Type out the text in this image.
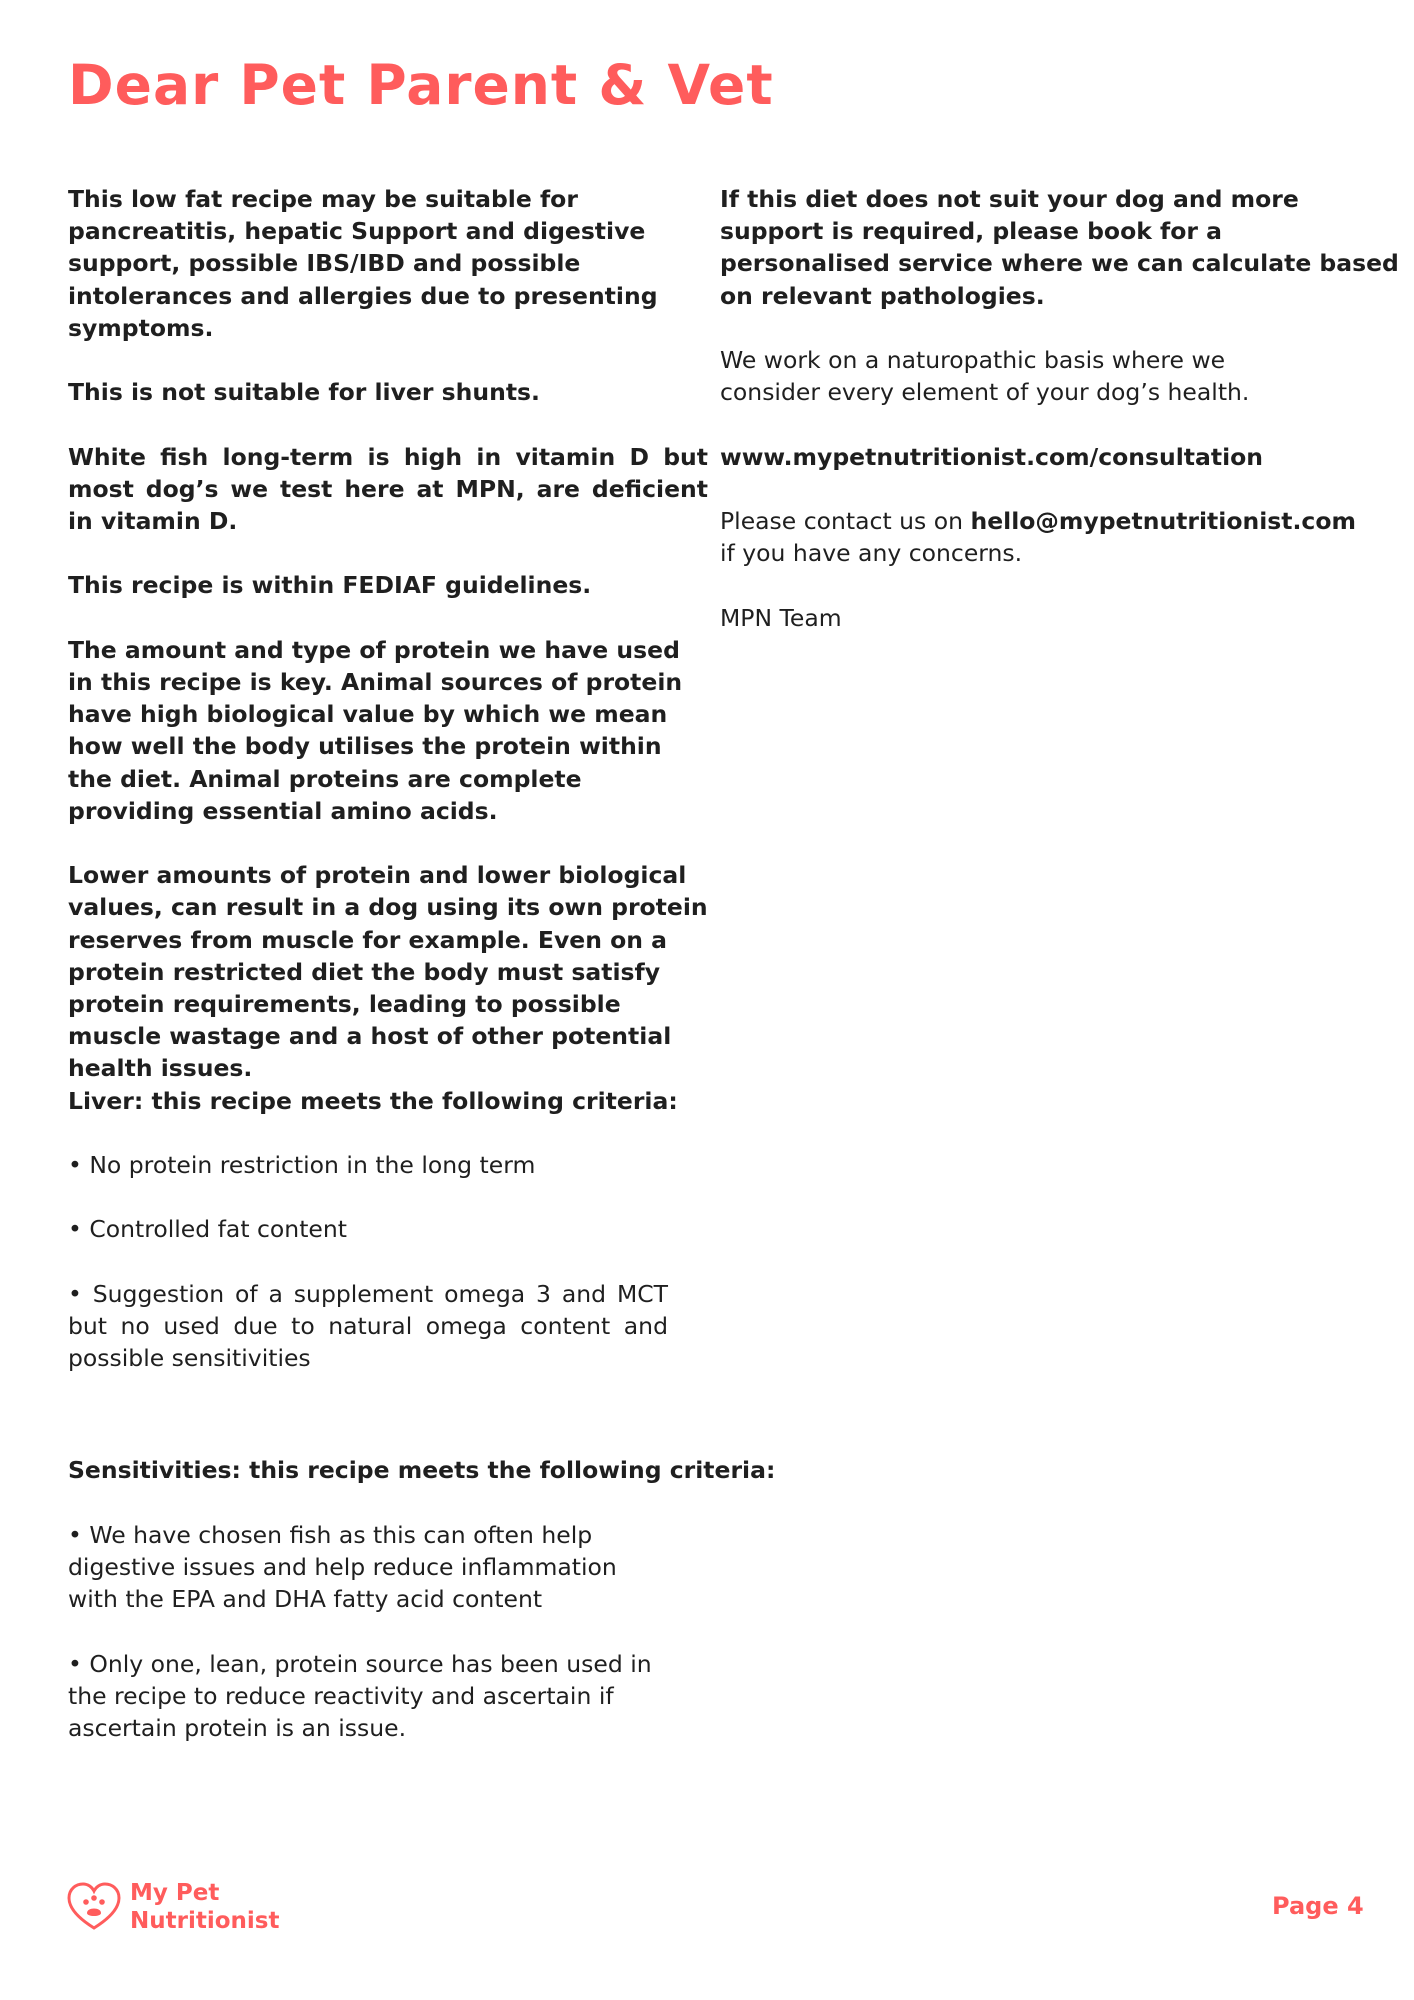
Dear Pet Parent & Vet

This low fat recipe may be suitable for pancreatitis, hepatic Support and digestive support, possible IBS/IBD and possible intolerances and allergies due to presenting symptoms.

This is not suitable for liver shunts.

White fish long-term is high in vitamin D but most dog’s we test here at MPN, are deficient in vitamin D.

This recipe is within FEDIAF guidelines.

The amount and type of protein we have used in this recipe is key. Animal sources of protein have high biological value by which we mean how well the body utilises the protein within the diet. Animal proteins are complete providing essential amino acids.

Lower amounts of protein and lower biological values, can result in a dog using its own protein reserves from muscle for example. Even on a protein restricted diet the body must satisfy protein requirements, leading to possible muscle wastage and a host of other potential health issues.

Liver: this recipe meets the following criteria:

• No protein restriction in the long term

• Controlled fat content

• Suggestion of a supplement omega 3 and MCT but no used due to natural omega content and possible sensitivities

Sensitivities: this recipe meets the following criteria:

• We have chosen fish as this can often help digestive issues and help reduce inflammation with the EPA and DHA fatty acid content

• Only one, lean, protein source has been used in the recipe to reduce reactivity and ascertain if ascertain protein is an issue.

If this diet does not suit your dog and more support is required, please book for a personalised service where we can calculate based on relevant pathologies.

We work on a naturopathic basis where we consider every element of your dog’s health.

www.mypetnutritionist.com/consultation

Please contact us on hello@mypetnutritionist.com if you have any concerns.

MPN Team

My Pet
Nutritionist
Page 4
